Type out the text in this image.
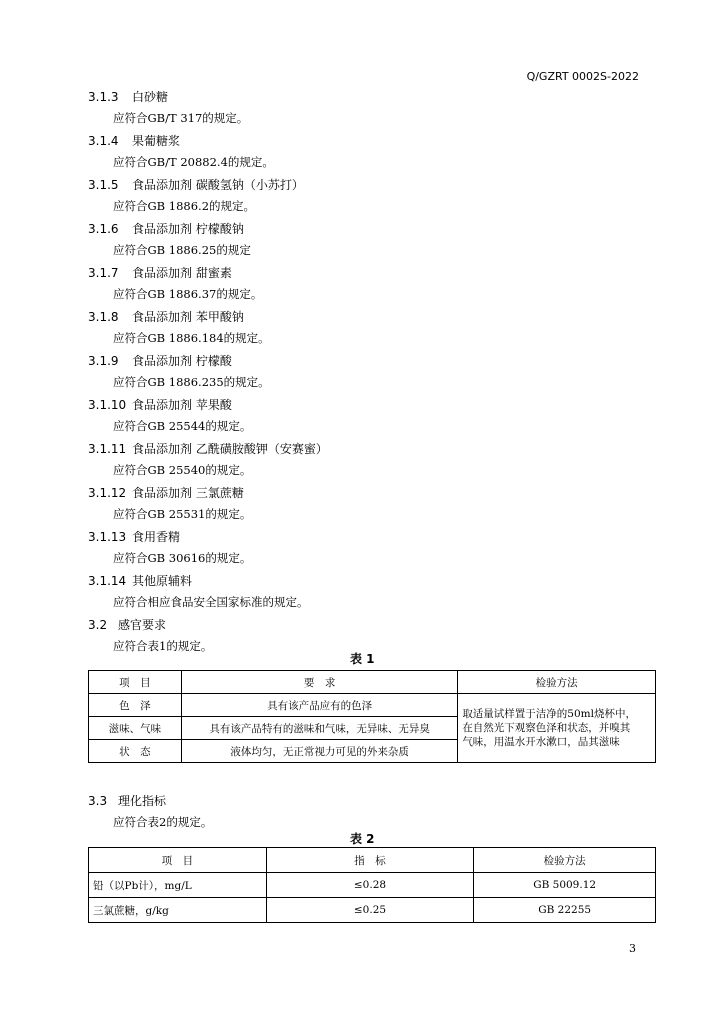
Q/GZRT 0002S-2022
3.1.3 白砂糖
应符合GB/T 317的规定。
3.1.4 果葡糖浆
应符合GB/T 20882.4的规定。
3.1.5 食品添加剂 碳酸氢钠（小苏打）
应符合GB 1886.2的规定。
3.1.6 食品添加剂 柠檬酸钠
应符合GB 1886.25的规定
3.1.7 食品添加剂 甜蜜素
应符合GB 1886.37的规定。
3.1.8 食品添加剂 苯甲酸钠
应符合GB 1886.184的规定。
3.1.9 食品添加剂 柠檬酸
应符合GB 1886.235的规定。
3.1.10 食品添加剂 苹果酸
应符合GB 25544的规定。
3.1.11 食品添加剂 乙酰磺胺酸钾（安赛蜜）
应符合GB 25540的规定。
3.1.12 食品添加剂 三氯蔗糖
应符合GB 25531的规定。
3.1.13 食用香精
应符合GB 30616的规定。
3.1.14 其他原辅料
应符合相应食品安全国家标准的规定。
3.2 感官要求
应符合表1的规定。
表 1
项　目	要　求	检验方法
色　泽	具有该产品应有的色泽	取适量试样置于洁净的50ml烧杯中，
在自然光下观察色泽和状态，并嗅其
气味，用温水开水漱口，品其滋味

滋味、气味	具有该产品特有的滋味和气味，无异味、无异臭	
状　态	液体均匀，无正常视力可见的外来杂质	
3.3 理化指标
应符合表2的规定。
表 2
项　目	指　标	检验方法
铅（以Pb计），mg/L	≤0.28	GB 5009.12
三氯蔗糖，g/kg	≤0.25	GB 22255
3
